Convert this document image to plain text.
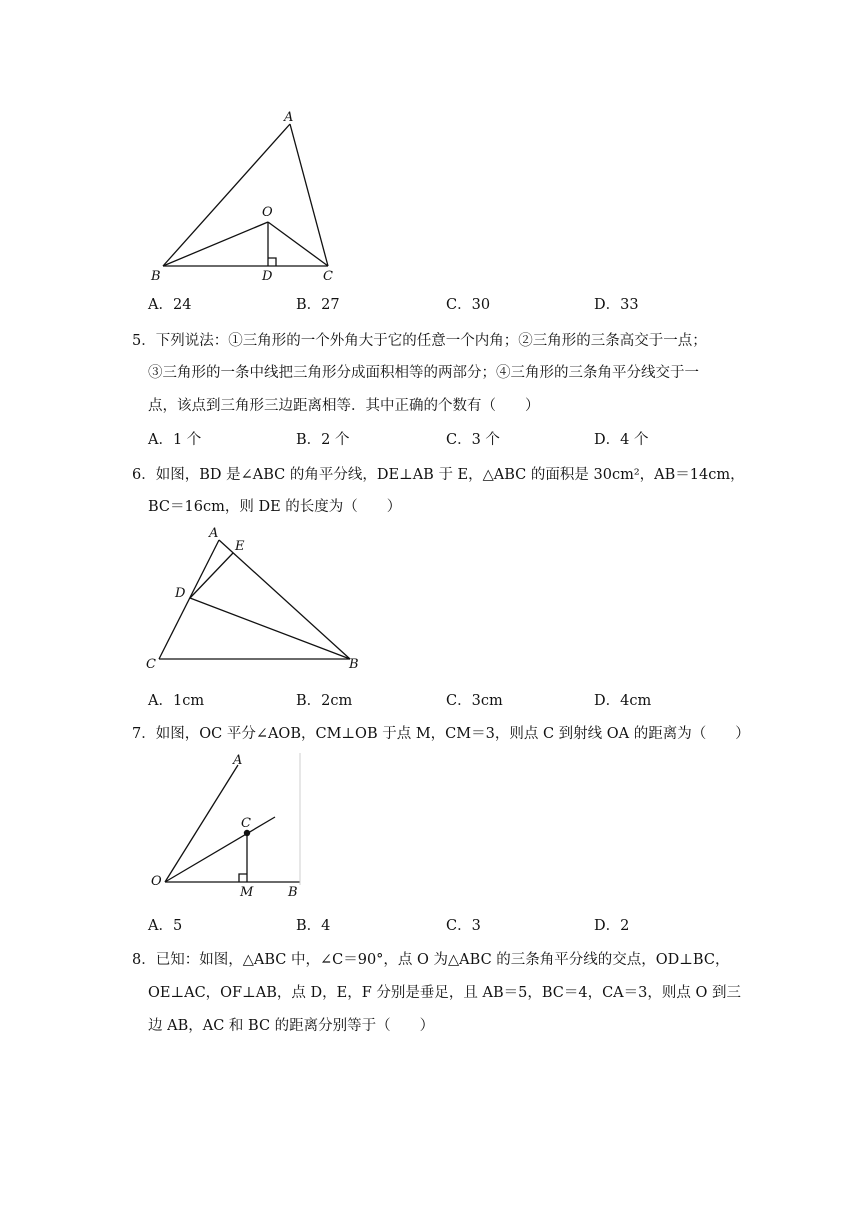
A
O
B	D	C
A．24	B．27	C．30	D．33
5．下列说法：①三角形的一个外角大于它的任意一个内角；②三角形的三条高交于一点；
③三角形的一条中线把三角形分成面积相等的两部分；④三角形的三条角平分线交于一
点，该点到三角形三边距离相等．其中正确的个数有（　　）
A．1 个	B．2 个	C．3 个	D．4 个
6．如图，BD 是∠ABC 的角平分线，DE⊥AB 于 E，△ABC 的面积是 30cm²，AB＝14cm，
BC＝16cm，则 DE 的长度为（　　）
A
E
D
C	B
A．1cm	B．2cm	C．3cm	D．4cm
7．如图，OC 平分∠AOB，CM⊥OB 于点 M，CM＝3，则点 C 到射线 OA 的距离为（　　）
A
C
O
M	B
A．5	B．4	C．3	D．2
8．已知：如图，△ABC 中，∠C＝90°，点 O 为△ABC 的三条角平分线的交点，OD⊥BC，
OE⊥AC，OF⊥AB，点 D，E，F 分别是垂足，且 AB＝5，BC＝4，CA＝3，则点 O 到三
边 AB，AC 和 BC 的距离分别等于（　　）
